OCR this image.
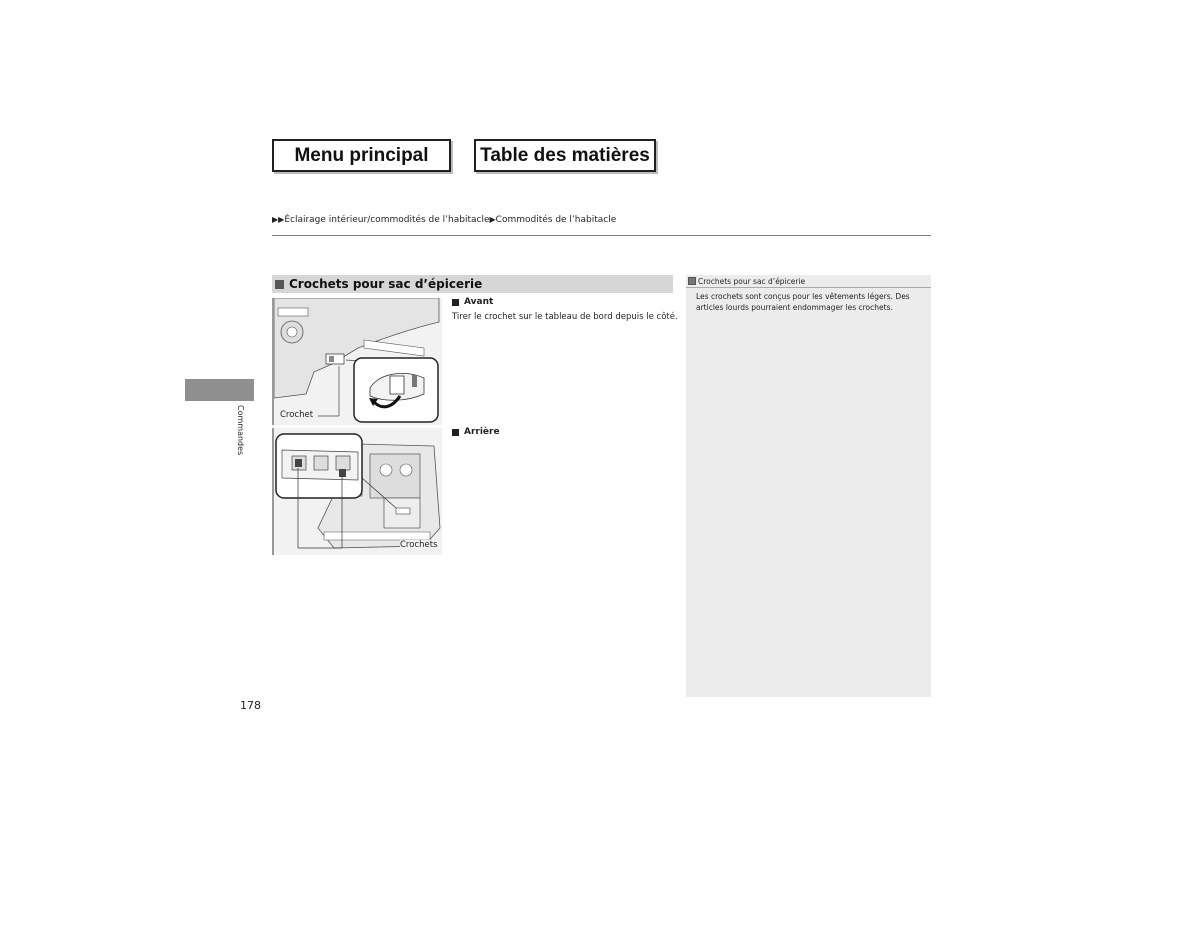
Menu principal	Table des matières
▶▶Éclairage intérieur/commodités de l’habitacle▶Commodités de l’habitacle
Crochets pour sac d’épicerie
Crochet
Crochets
Avant
Tirer le crochet sur le tableau de bord depuis le côté.
Arrière
Crochets pour sac d’épicerie
Les crochets sont conçus pour les vêtements légers. Des articles lourds pourraient endommager les crochets.
Commandes
178
